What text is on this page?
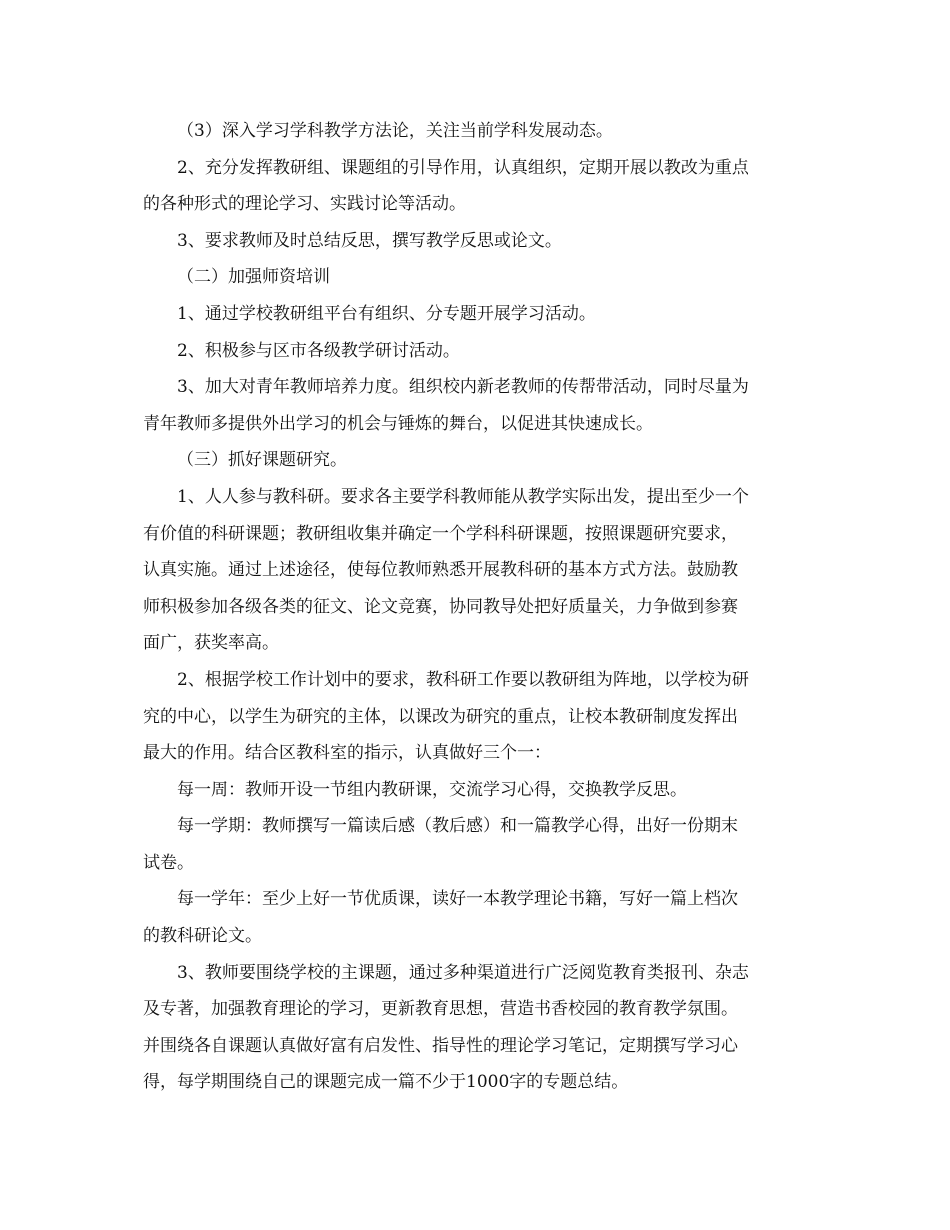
（3）深入学习学科教学方法论，关注当前学科发展动态。
2、充分发挥教研组、课题组的引导作用，认真组织，定期开展以教改为重点
的各种形式的理论学习、实践讨论等活动。
3、要求教师及时总结反思，撰写教学反思或论文。
（二）加强师资培训
1、通过学校教研组平台有组织、分专题开展学习活动。
2、积极参与区市各级教学研讨活动。
3、加大对青年教师培养力度。组织校内新老教师的传帮带活动，同时尽量为
青年教师多提供外出学习的机会与锤炼的舞台，以促进其快速成长。
（三）抓好课题研究。
1、人人参与教科研。要求各主要学科教师能从教学实际出发，提出至少一个
有价值的科研课题；教研组收集并确定一个学科科研课题，按照课题研究要求，
认真实施。通过上述途径，使每位教师熟悉开展教科研的基本方式方法。鼓励教
师积极参加各级各类的征文、论文竞赛，协同教导处把好质量关，力争做到参赛
面广，获奖率高。
2、根据学校工作计划中的要求，教科研工作要以教研组为阵地，以学校为研
究的中心，以学生为研究的主体，以课改为研究的重点，让校本教研制度发挥出
最大的作用。结合区教科室的指示，认真做好三个一：
每一周：教师开设一节组内教研课，交流学习心得，交换教学反思。
每一学期：教师撰写一篇读后感（教后感）和一篇教学心得，出好一份期末
试卷。
每一学年：至少上好一节优质课，读好一本教学理论书籍，写好一篇上档次
的教科研论文。
3、教师要围绕学校的主课题，通过多种渠道进行广泛阅览教育类报刊、杂志
及专著，加强教育理论的学习，更新教育思想，营造书香校园的教育教学氛围。
并围绕各自课题认真做好富有启发性、指导性的理论学习笔记，定期撰写学习心
得，每学期围绕自己的课题完成一篇不少于1000字的专题总结。
